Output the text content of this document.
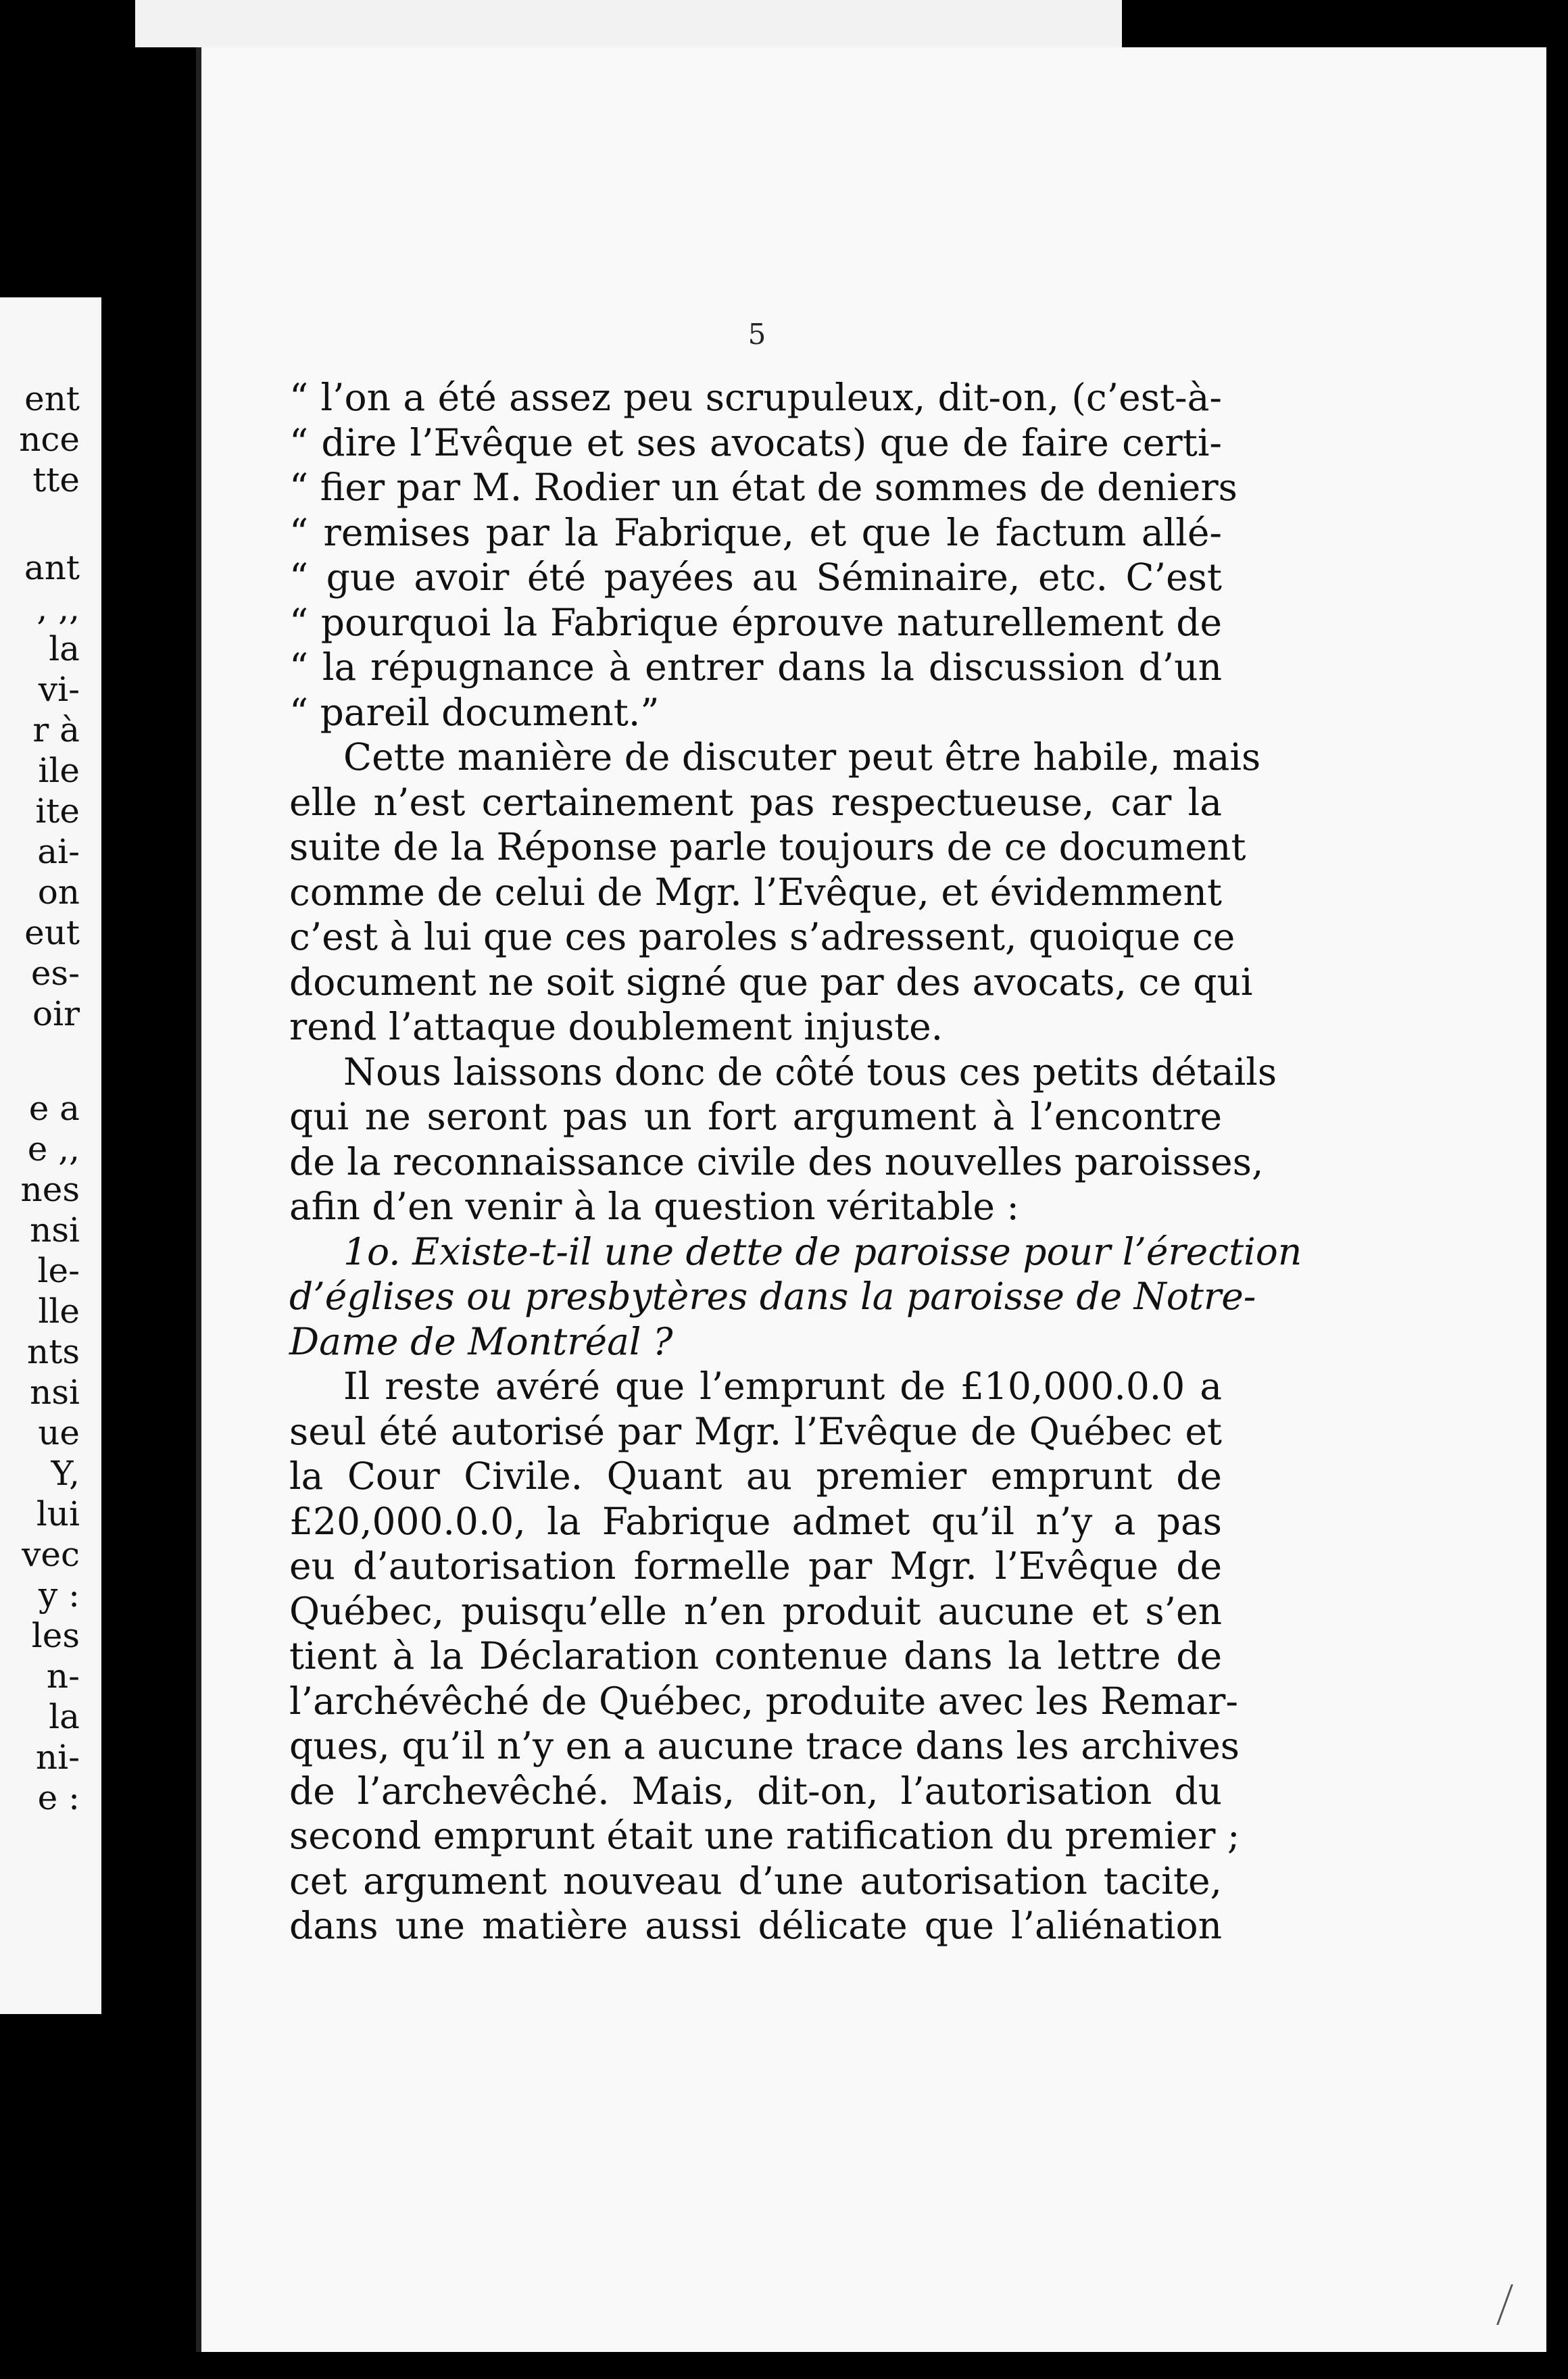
ent

nce

tte

ant

, ,,

la

vi-

r à

ile

ite

ai-

on

eut

es-

oir

e a

e ,,

nes

nsi

le-

lle

nts

nsi

ue

Y,

lui

vec

y :

les

n-

la

ni-

e :

5

“ l’on a été assez peu scrupuleux, dit-on, (c’est-à-

“ dire l’Evêque et ses avocats) que de faire certi-

“ fier par M. Rodier un état de sommes de deniers

“ remises par la Fabrique, et que le factum allé-

“ gue avoir été payées au Séminaire, etc. C’est

“ pourquoi la Fabrique éprouve naturellement de

“ la répugnance à entrer dans la discussion d’un

“ pareil document.”

Cette manière de discuter peut être habile, mais

elle n’est certainement pas respectueuse, car la

suite de la Réponse parle toujours de ce document

comme de celui de Mgr. l’Evêque, et évidemment

c’est à lui que ces paroles s’adressent, quoique ce

document ne soit signé que par des avocats, ce qui

rend l’attaque doublement injuste.

Nous laissons donc de côté tous ces petits détails

qui ne seront pas un fort argument à l’encontre

de la reconnaissance civile des nouvelles paroisses,

afin d’en venir à la question véritable :

1o. Existe-t-il une dette de paroisse pour l’érection

d’églises ou presbytères dans la paroisse de Notre-

Dame de Montréal ?

Il reste avéré que l’emprunt de £10,000.0.0 a

seul été autorisé par Mgr. l’Evêque de Québec et

la Cour Civile. Quant au premier emprunt de

£20,000.0.0, la Fabrique admet qu’il n’y a pas

eu d’autorisation formelle par Mgr. l’Evêque de

Québec, puisqu’elle n’en produit aucune et s’en

tient à la Déclaration contenue dans la lettre de

l’archévêché de Québec, produite avec les Remar-

ques, qu’il n’y en a aucune trace dans les archives

de l’archevêché. Mais, dit-on, l’autorisation du

second emprunt était une ratification du premier ;

cet argument nouveau d’une autorisation tacite,

dans une matière aussi délicate que l’aliénation
